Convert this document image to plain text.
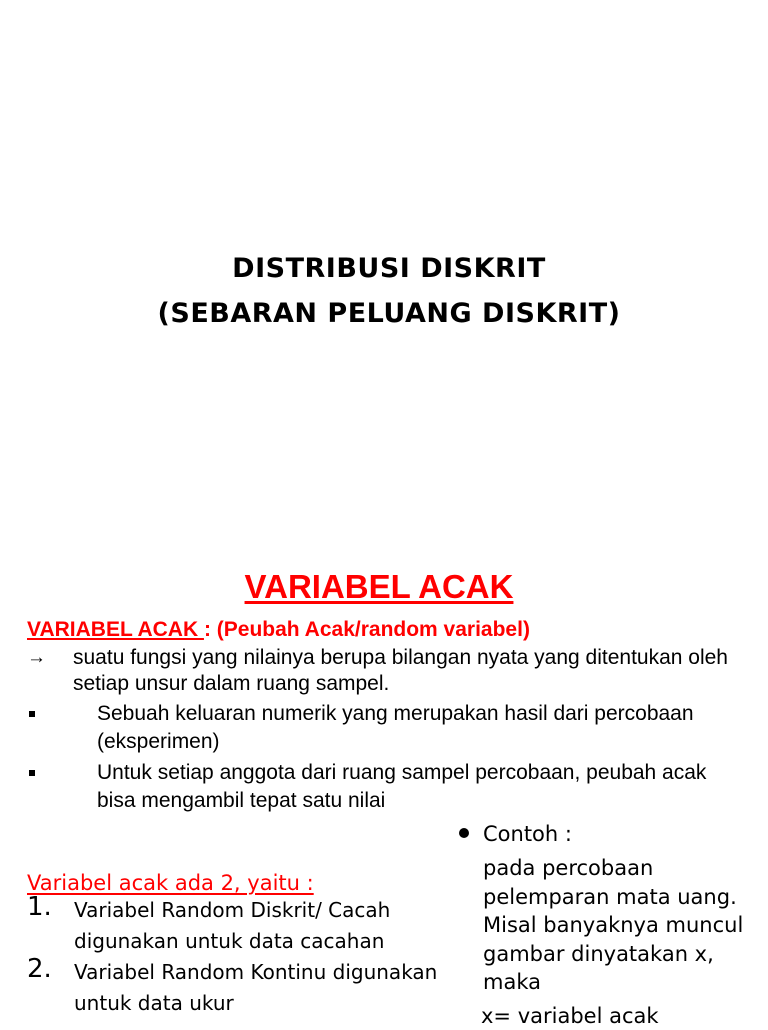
DISTRIBUSI DISKRIT
(SEBARAN PELUANG DISKRIT)
VARIABEL ACAK
VARIABEL ACAK : (Peubah Acak/random variabel)
→ suatu fungsi yang nilainya berupa bilangan nyata yang ditentukan oleh setiap unsur dalam ruang sampel.
Sebuah keluaran numerik yang merupakan hasil dari percobaan (eksperimen)
Untuk setiap anggota dari ruang sampel percobaan, peubah acak bisa mengambil tepat satu nilai
Variabel acak ada 2, yaitu :
1. Variabel Random Diskrit/ Cacah digunakan untuk data cacahan
2. Variabel Random Kontinu digunakan untuk data ukur
Contoh :
pada percobaan pelemparan mata uang. Misal banyaknya muncul gambar dinyatakan x, maka
x= variabel acak
